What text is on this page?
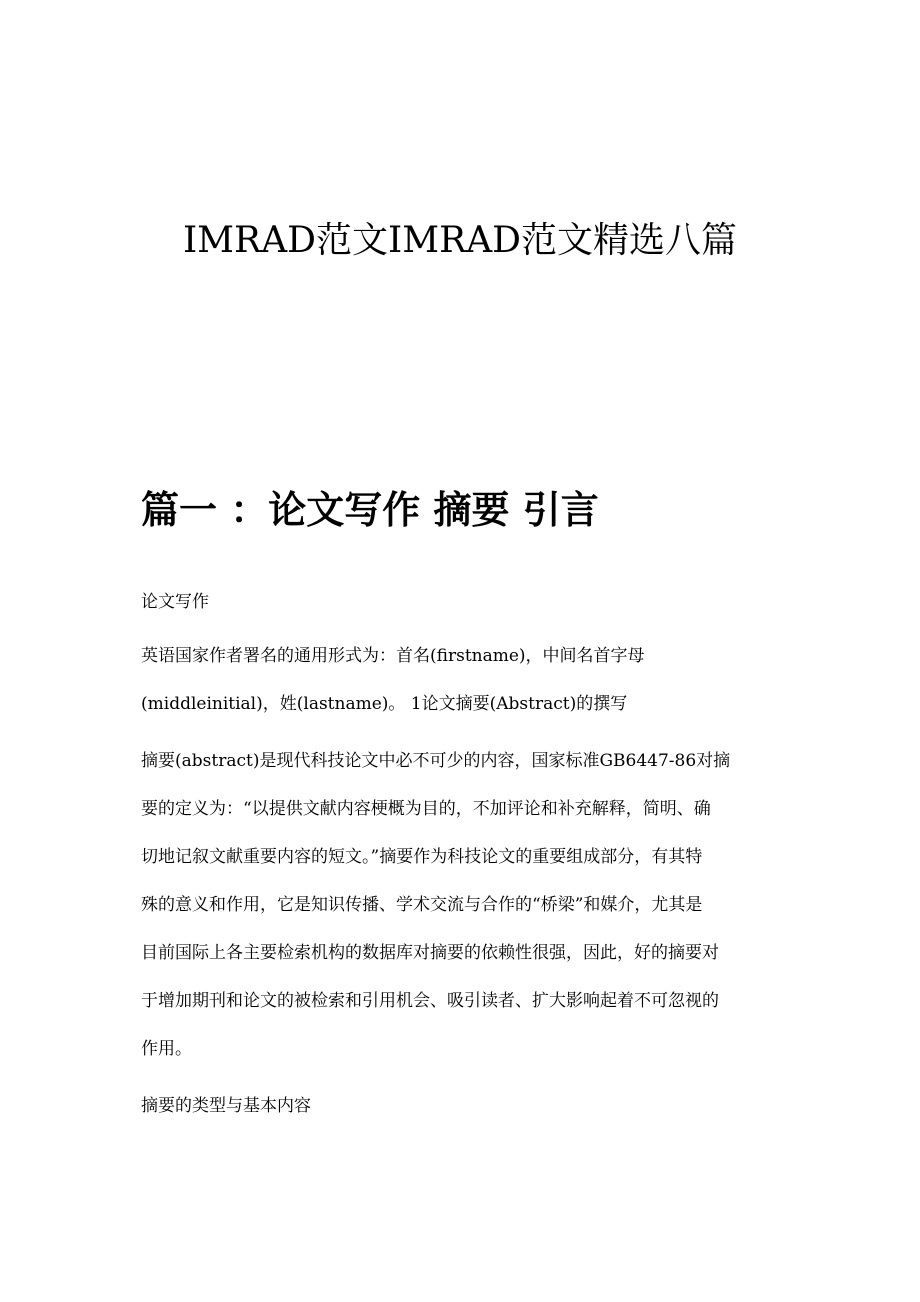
IMRAD范文IMRAD范文精选八篇
篇一 ：论文写作 摘要 引言
论文写作
英语国家作者署名的通用形式为：首名(firstname)，中间名首字母
(middleinitial)，姓(lastname)。 1论文摘要(Abstract)的撰写
摘要(abstract)是现代科技论文中必不可少的内容，国家标准GB6447-86对摘
要的定义为：“以提供文献内容梗概为目的，不加评论和补充解释，简明、确
切地记叙文献重要内容的短文。”摘要作为科技论文的重要组成部分，有其特
殊的意义和作用，它是知识传播、学术交流与合作的“桥梁”和媒介，尤其是
目前国际上各主要检索机构的数据库对摘要的依赖性很强，因此，好的摘要对
于增加期刊和论文的被检索和引用机会、吸引读者、扩大影响起着不可忽视的
作用。
摘要的类型与基本内容
